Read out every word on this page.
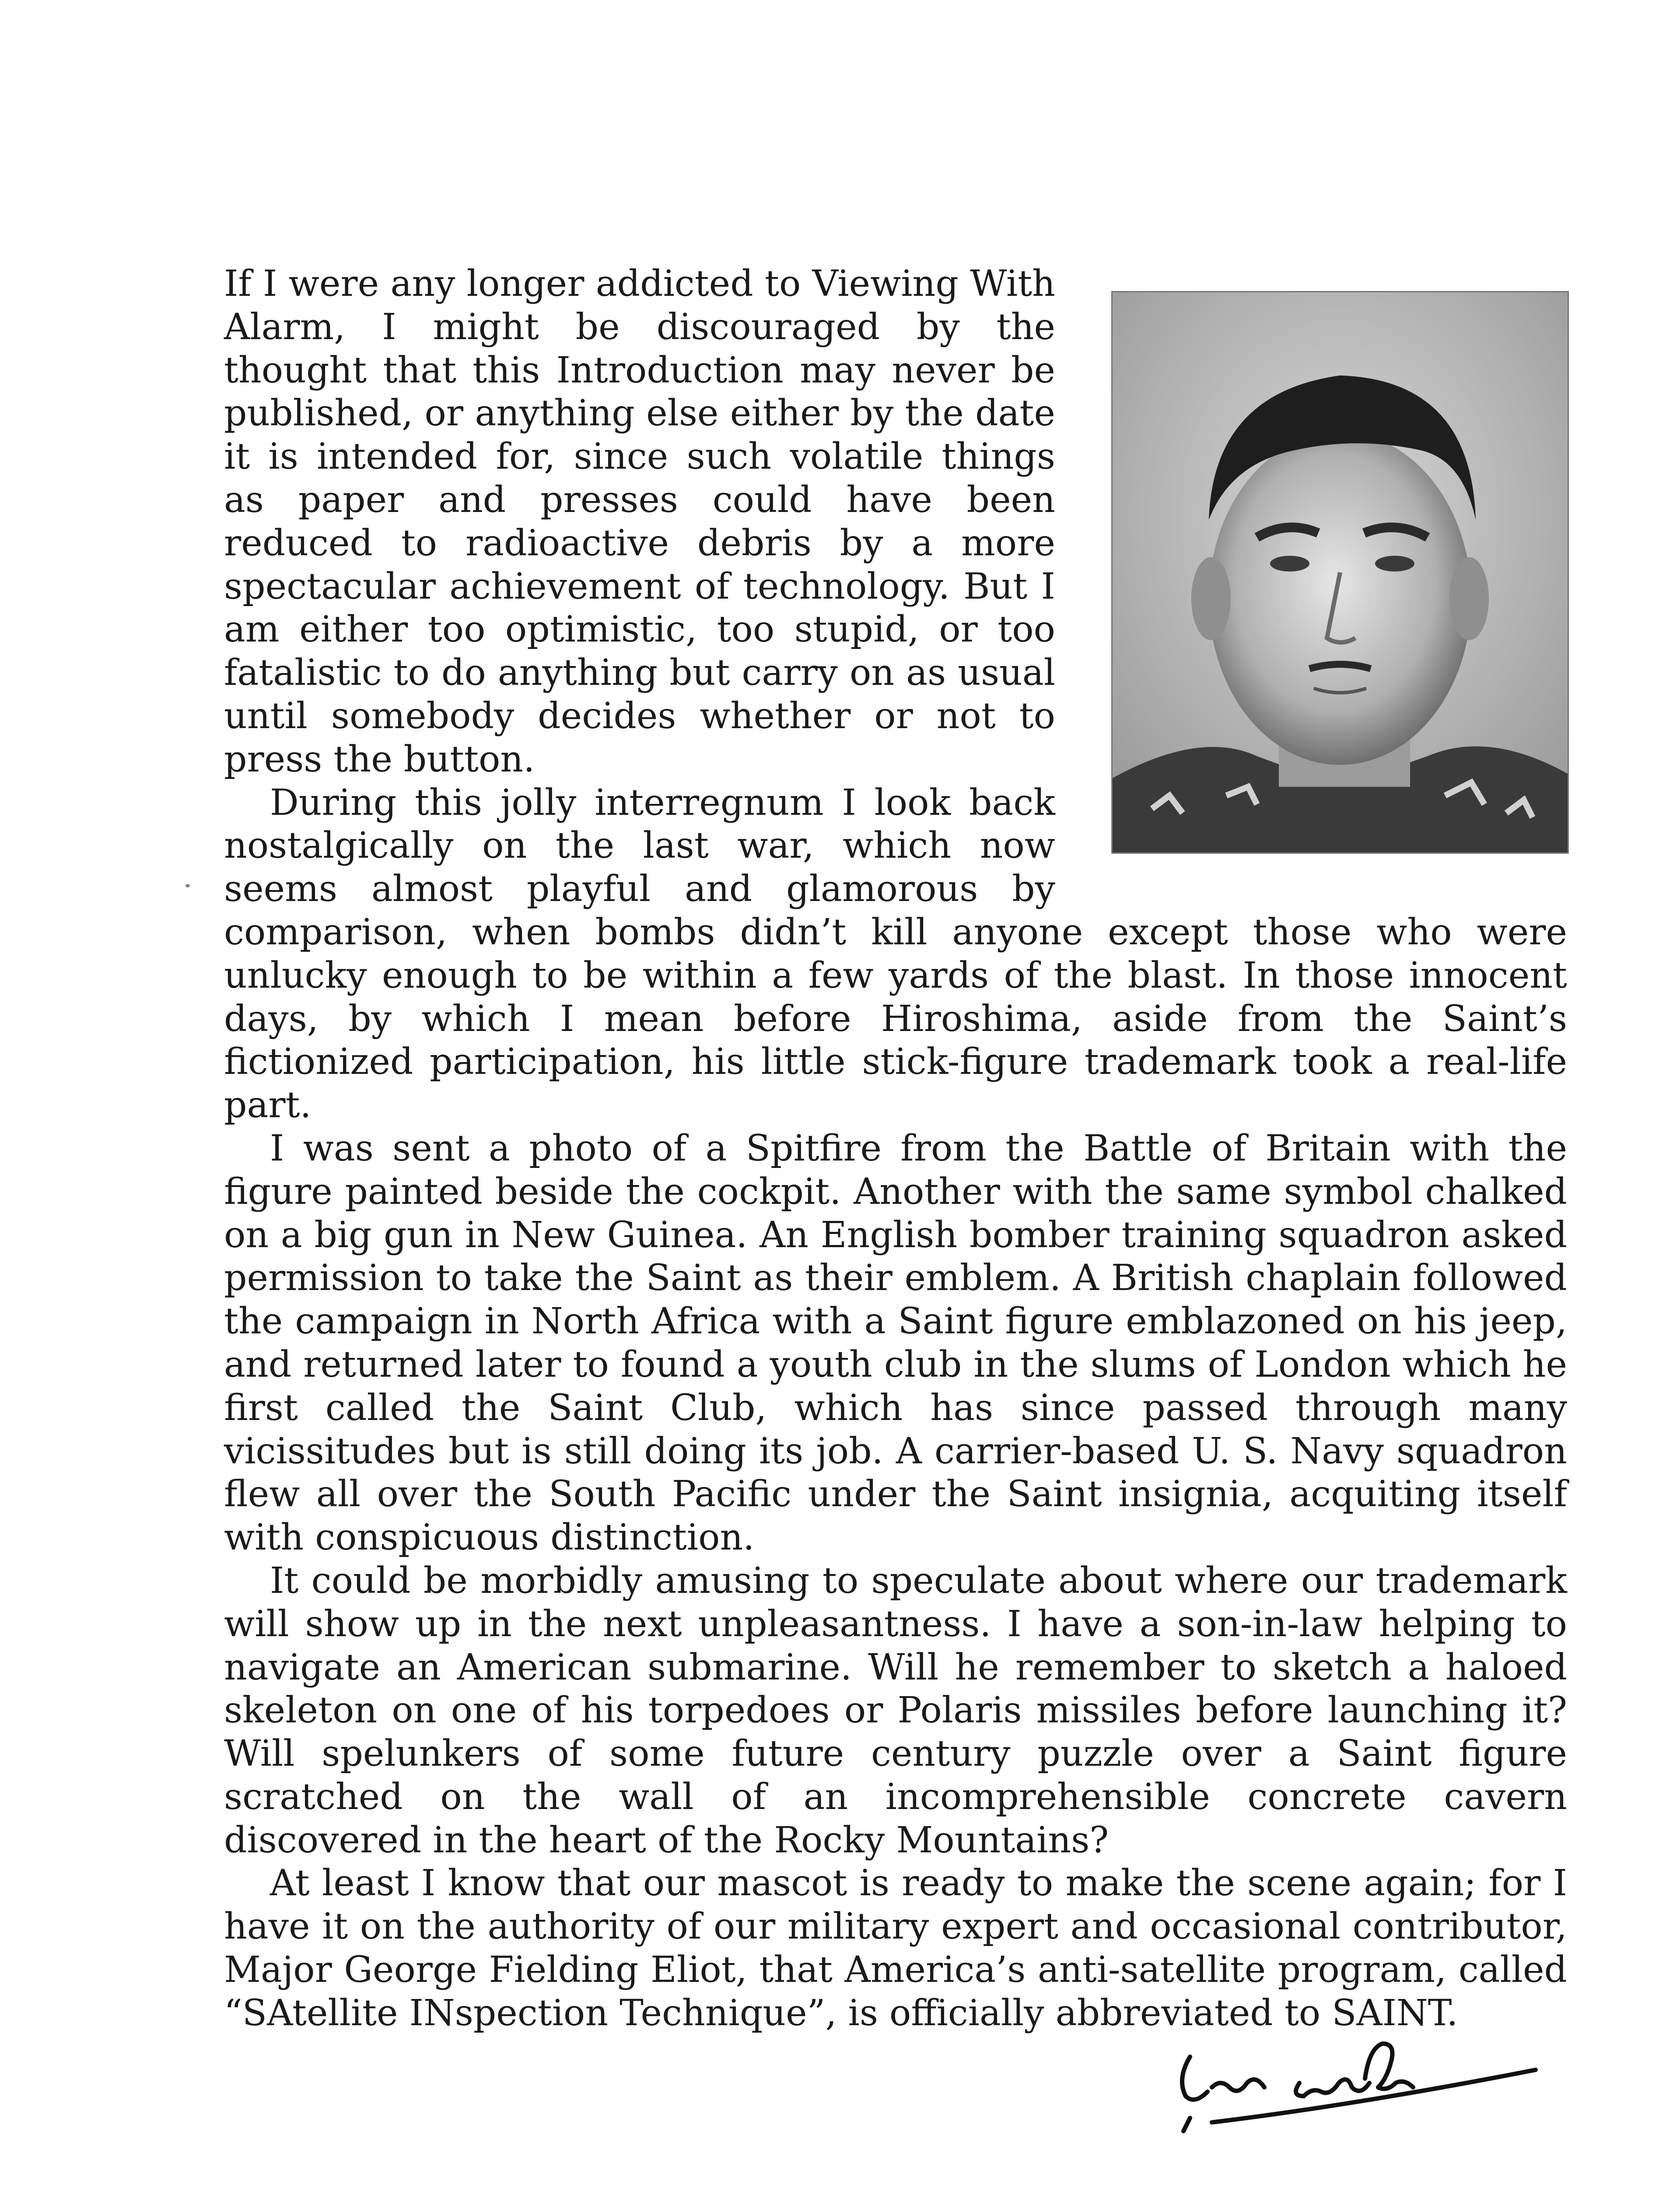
If I were any longer addicted to Viewing With Alarm, I might be discouraged by the thought that this Introduction may never be published, or anything else either by the date it is intended for, since such volatile things as paper and presses could have been reduced to radioactive debris by a more spectacular achievement of technology. But I am either too optimistic, too stupid, or too fatalistic to do anything but carry on as usual until somebody decides whether or not to press the button.

During this jolly interregnum I look back nostalgically on the last war, which now seems almost playful and glamorous by comparison, when bombs didn’t kill anyone except those who were unlucky enough to be within a few yards of the blast. In those innocent days, by which I mean before Hiroshima, aside from the Saint’s fictionized participation, his little stick-figure trademark took a real-life part.

I was sent a photo of a Spitfire from the Battle of Britain with the figure painted beside the cockpit. Another with the same symbol chalked on a big gun in New Guinea. An English bomber training squadron asked permission to take the Saint as their emblem. A British chaplain followed the campaign in North Africa with a Saint figure emblazoned on his jeep, and returned later to found a youth club in the slums of London which he first called the Saint Club, which has since passed through many vicissitudes but is still doing its job. A carrier-based U. S. Navy squadron flew all over the South Pacific under the Saint insignia, acquiting itself with conspicuous distinction.

It could be morbidly amusing to speculate about where our trademark will show up in the next unpleasantness. I have a son-in-law helping to navigate an American submarine. Will he remember to sketch a haloed skeleton on one of his torpedoes or Polaris missiles before launching it? Will spelunkers of some future century puzzle over a Saint figure scratched on the wall of an incomprehensible concrete cavern discovered in the heart of the Rocky Mountains?

At least I know that our mascot is ready to make the scene again; for I have it on the authority of our military expert and occasional contributor, Major George Fielding Eliot, that America’s anti-satellite program, called “SAtellite INspection Technique”, is officially abbreviated to SAINT.
